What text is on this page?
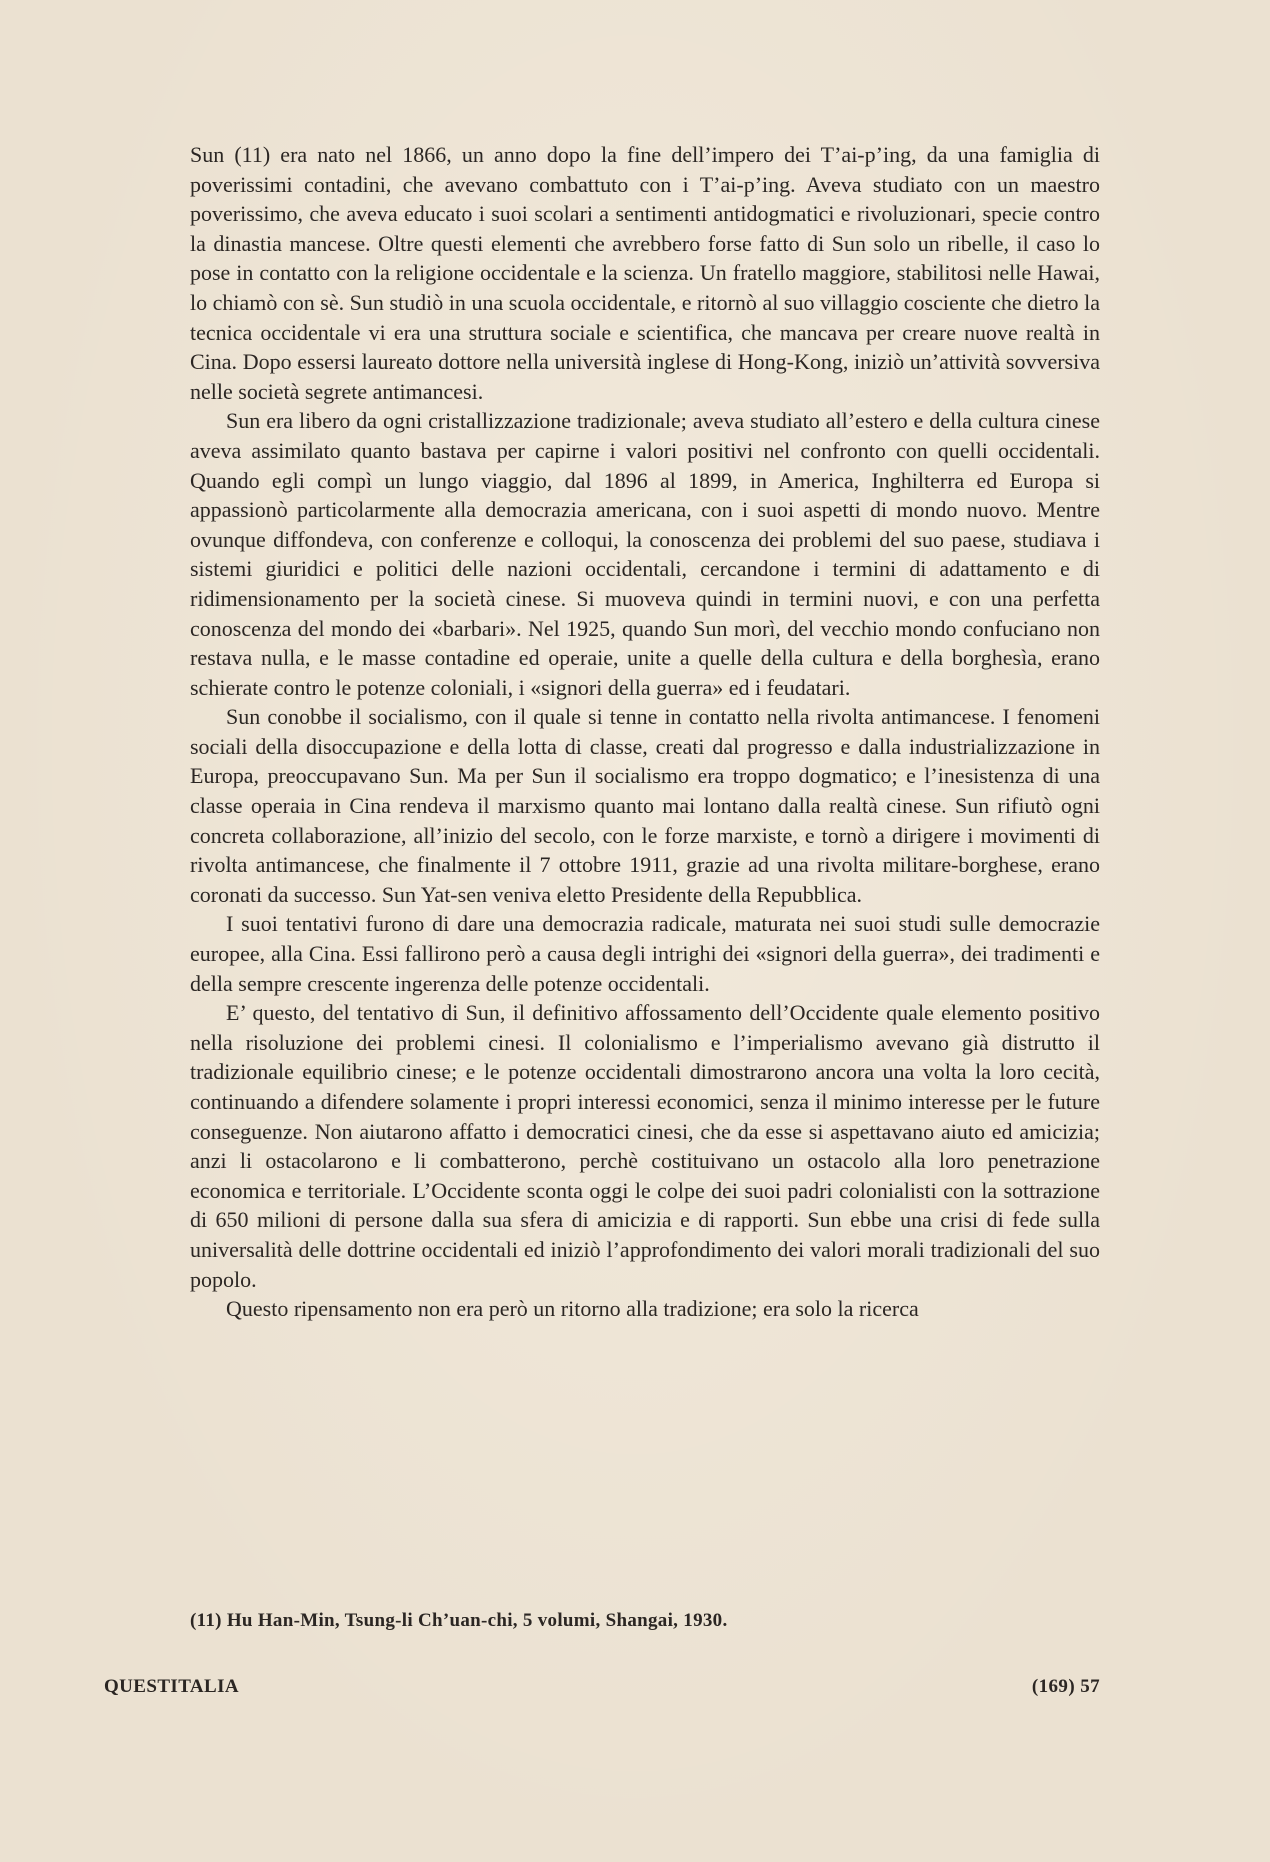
Sun (11) era nato nel 1866, un anno dopo la fine dell’impero dei T’ai-p’ing, da una famiglia di poverissimi contadini, che avevano combattuto con i T’ai-p’ing. Aveva studiato con un maestro poverissimo, che aveva educato i suoi scolari a sentimenti antidogmatici e rivoluzionari, specie contro la dinastia mancese. Oltre questi elementi che avrebbero forse fatto di Sun solo un ribelle, il caso lo pose in contatto con la religione occidentale e la scienza. Un fratello maggiore, stabilitosi nelle Hawai, lo chiamò con sè. Sun studiò in una scuola occidentale, e ritornò al suo villaggio cosciente che dietro la tecnica occidentale vi era una struttura sociale e scientifica, che mancava per creare nuove realtà in Cina. Dopo essersi laureato dottore nella università inglese di Hong-Kong, iniziò un’attività sovversiva nelle società segrete antimancesi.

Sun era libero da ogni cristallizzazione tradizionale; aveva studiato all’estero e della cultura cinese aveva assimilato quanto bastava per capirne i valori positivi nel confronto con quelli occidentali. Quando egli compì un lungo viaggio, dal 1896 al 1899, in America, Inghilterra ed Europa si appassionò particolarmente alla democrazia americana, con i suoi aspetti di mondo nuovo. Mentre ovunque diffondeva, con conferenze e colloqui, la conoscenza dei problemi del suo paese, studiava i sistemi giuridici e politici delle nazioni occidentali, cercandone i termini di adattamento e di ridimensionamento per la società cinese. Si muoveva quindi in termini nuovi, e con una perfetta conoscenza del mondo dei «barbari». Nel 1925, quando Sun morì, del vecchio mondo confuciano non restava nulla, e le masse contadine ed operaie, unite a quelle della cultura e della borghesìa, erano schierate contro le potenze coloniali, i «signori della guerra» ed i feudatari.

Sun conobbe il socialismo, con il quale si tenne in contatto nella rivolta antimancese. I fenomeni sociali della disoccupazione e della lotta di classe, creati dal progresso e dalla industrializzazione in Europa, preoccupavano Sun. Ma per Sun il socialismo era troppo dogmatico; e l’inesistenza di una classe operaia in Cina rendeva il marxismo quanto mai lontano dalla realtà cinese. Sun rifiutò ogni concreta collaborazione, all’inizio del secolo, con le forze marxiste, e tornò a dirigere i movimenti di rivolta antimancese, che finalmente il 7 ottobre 1911, grazie ad una rivolta militare-borghese, erano coronati da successo. Sun Yat-sen veniva eletto Presidente della Repubblica.

I suoi tentativi furono di dare una democrazia radicale, maturata nei suoi studi sulle democrazie europee, alla Cina. Essi fallirono però a causa degli intrighi dei «signori della guerra», dei tradimenti e della sempre crescente ingerenza delle potenze occidentali.

E’ questo, del tentativo di Sun, il definitivo affossamento dell’Occidente quale elemento positivo nella risoluzione dei problemi cinesi. Il colonialismo e l’imperialismo avevano già distrutto il tradizionale equilibrio cinese; e le potenze occidentali dimostrarono ancora una volta la loro cecità, continuando a difendere solamente i propri interessi economici, senza il minimo interesse per le future conseguenze. Non aiutarono affatto i democratici cinesi, che da esse si aspettavano aiuto ed amicizia; anzi li ostacolarono e li combatterono, perchè costituivano un ostacolo alla loro penetrazione economica e territoriale. L’Occidente sconta oggi le colpe dei suoi padri colonialisti con la sottrazione di 650 milioni di persone dalla sua sfera di amicizia e di rapporti. Sun ebbe una crisi di fede sulla universalità delle dottrine occidentali ed iniziò l’approfondimento dei valori morali tradizionali del suo popolo.

Questo ripensamento non era però un ritorno alla tradizione; era solo la ricerca

(11) Hu Han-Min, Tsung-li Ch’uan-chi, 5 volumi, Shangai, 1930.
QUESTITALIA	(169) 57
